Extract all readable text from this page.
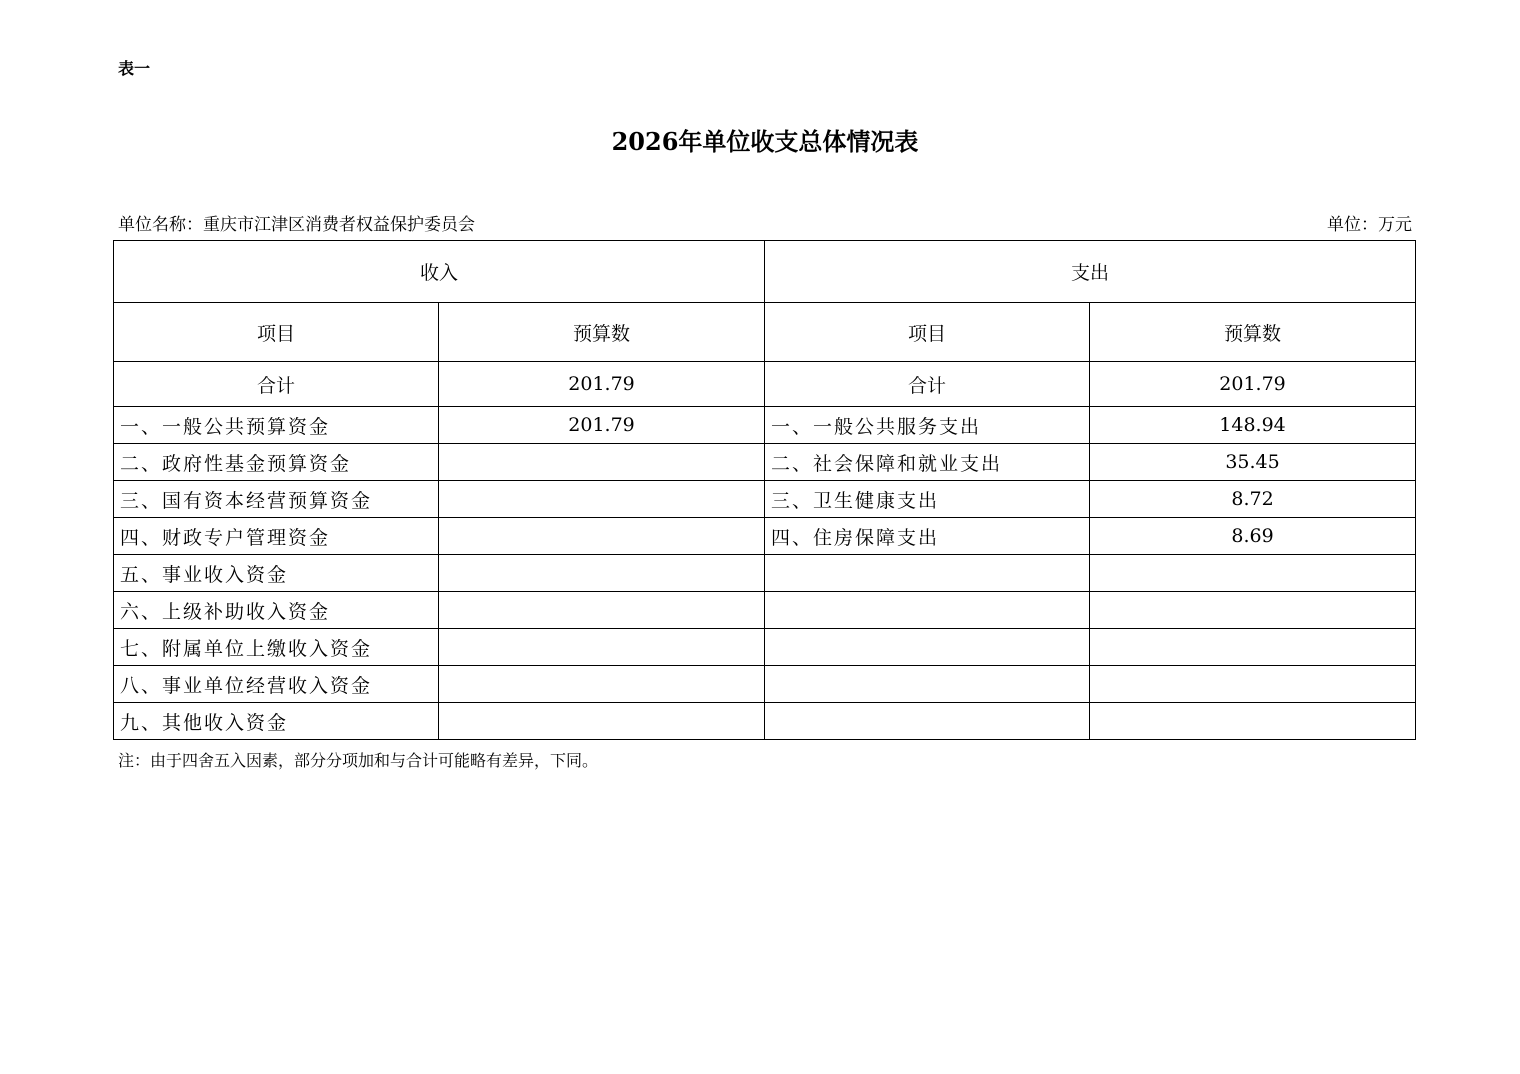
表一
2026年单位收支总体情况表
单位名称：重庆市江津区消费者权益保护委员会	单位：万元
收入		支出	
项目	预算数	项目	预算数
合计	201.79	合计	201.79
一、一般公共预算资金	201.79	一、一般公共服务支出	148.94
二、政府性基金预算资金		二、社会保障和就业支出	35.45
三、国有资本经营预算资金		三、卫生健康支出	8.72
四、财政专户管理资金		四、住房保障支出	8.69
五、事业收入资金			
六、上级补助收入资金			
七、附属单位上缴收入资金			
八、事业单位经营收入资金			
九、其他收入资金			
注：由于四舍五入因素，部分分项加和与合计可能略有差异，下同。
